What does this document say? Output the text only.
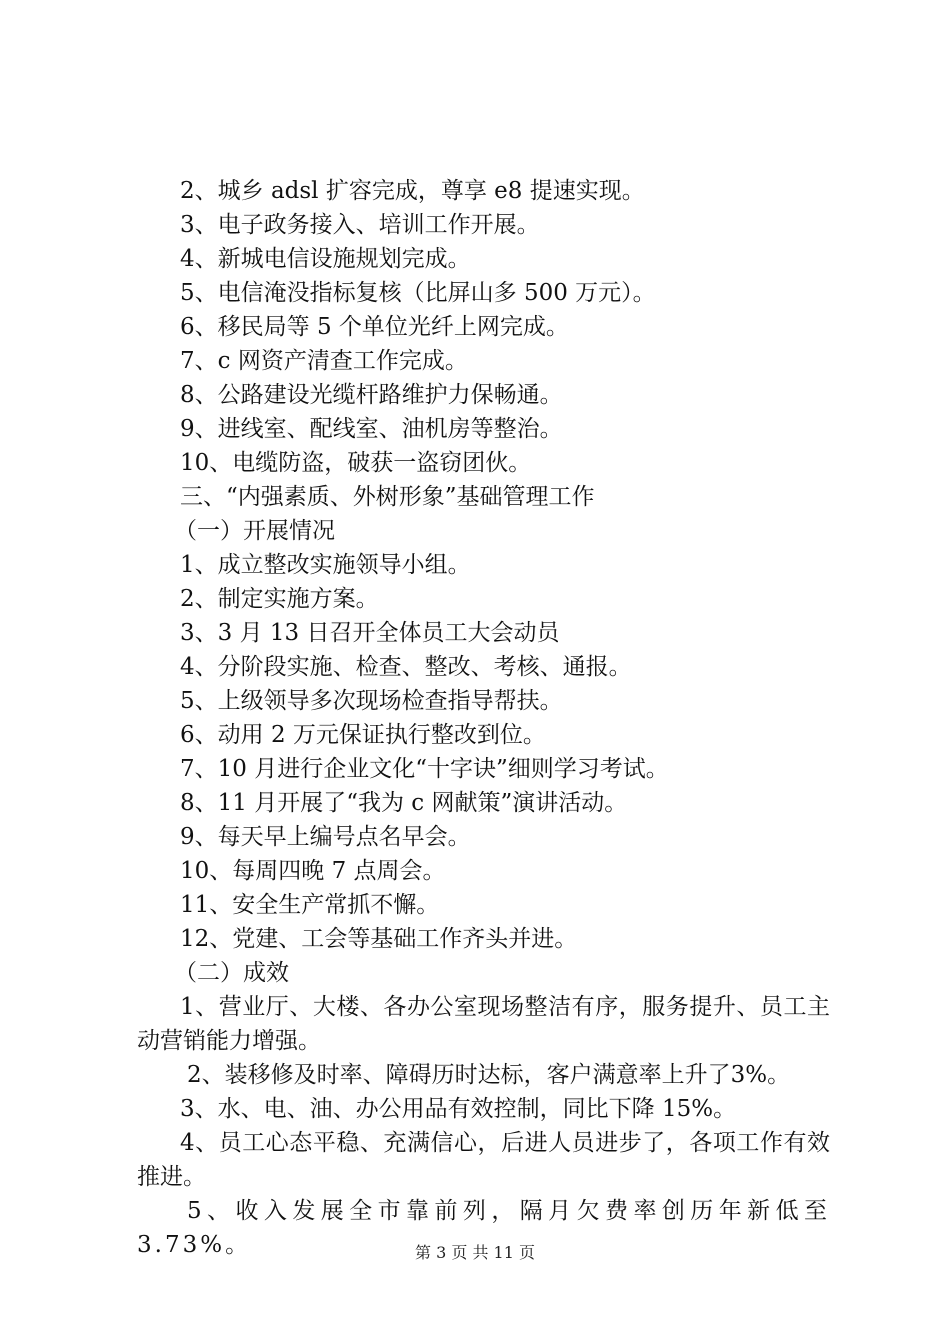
2、城乡 adsl 扩容完成，尊享 e8 提速实现。
3、电子政务接入、培训工作开展。
4、新城电信设施规划完成。
5、电信淹没指标复核（比屏山多 500 万元）。
6、移民局等 5 个单位光纤上网完成。
7、c 网资产清查工作完成。
8、公路建设光缆杆路维护力保畅通。
9、进线室、配线室、油机房等整治。
10、电缆防盗，破获一盗窃团伙。
三、“内强素质、外树形象”基础管理工作
（一）开展情况
1、成立整改实施领导小组。
2、制定实施方案。
3、3 月 13 日召开全体员工大会动员
4、分阶段实施、检查、整改、考核、通报。
5、上级领导多次现场检查指导帮扶。
6、动用 2 万元保证执行整改到位。
7、10 月进行企业文化“十字诀”细则学习考试。
8、11 月开展了“我为 c 网献策”演讲活动。
9、每天早上编号点名早会。
10、每周四晚 7 点周会。
11、安全生产常抓不懈。
12、党建、工会等基础工作齐头并进。
（二）成效
1、营业厅、大楼、各办公室现场整洁有序，服务提升、员工主动营销能力增强。
2、装移修及时率、障碍历时达标，客户满意率上升了3%。
3、水、电、油、办公用品有效控制，同比下降 15%。
4、员工心态平稳、充满信心，后进人员进步了，各项工作有效推进。
5、收入发展全市靠前列，隔月欠费率创历年新低至 3.73%。	第 3 页 共 11 页
